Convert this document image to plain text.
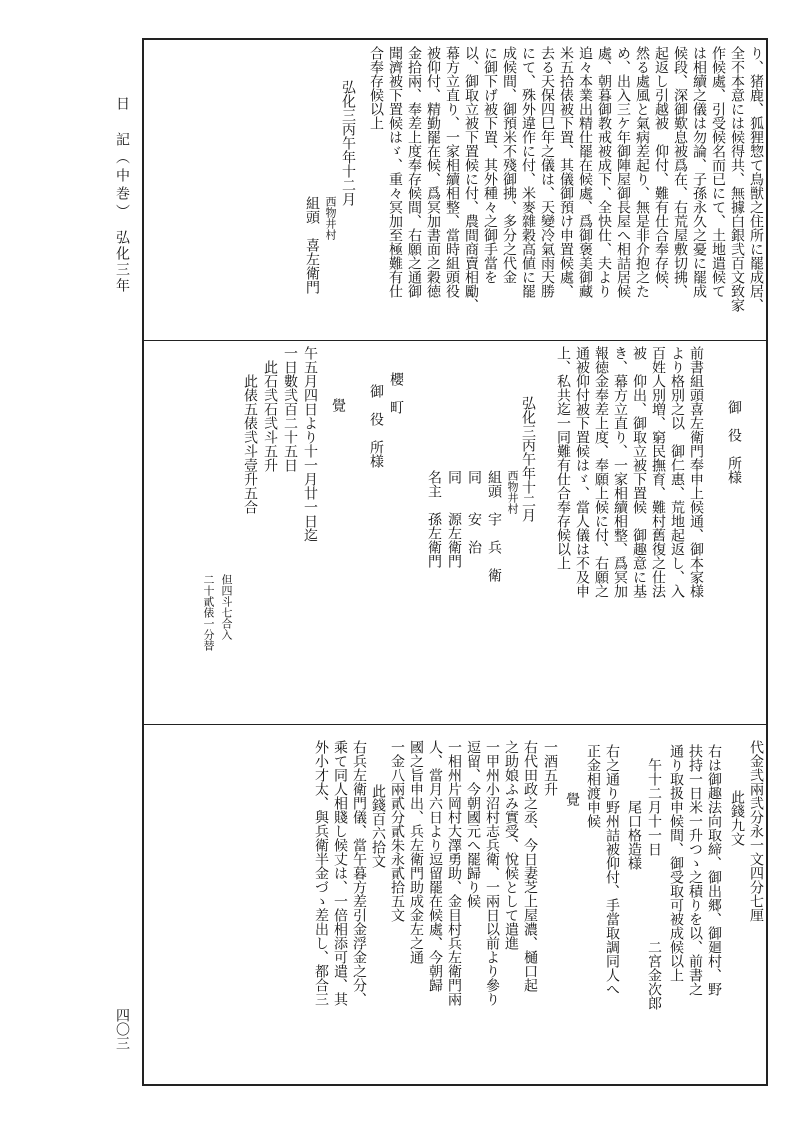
日　記（中巻）
弘化三年
四〇三
り、猪鹿、狐狸惣て鳥獣之住所に罷成居、
全不本意には候得共、無據白銀弐百文致家
作候處、引受候名而已にて、土地遣候て
は相續之儀は勿論、子孫永久之憂に罷成
候段、深御歎息被爲在、右荒屋敷切拂、
起返し引越被　仰付、難有仕合奉存候、
然る處風と氣病差起り、無是非介抱之た
め、出入三ケ年御陣屋御長屋へ相詰居候
處、朝暮御教戒被成下、全快仕、夫より
追々本業出精仕罷在候處、爲御褒美御藏
米五拾俵被下置、其儀御預け申置候處、
去る天保四巳年之儀は、天變冷氣雨天勝
にて、殊外違作に付、米麥雜穀高値に罷
成候間、御預米不殘御拂、多分之代金
に御下げ被下置、其外種々之御手當を
以、御取立被下置候に付、農間商賣相勵、
幕方立直り、一家相續相整、當時組頭役
被仰付、精勤罷在候、爲冥加書面之穀徳
金拾兩、奉差上度奉存候間、右願之通御
聞濟被下置候はゞ、重々冥加至極難有仕
合奉存候以上
弘化三丙午年十二月
西物井村
組頭　喜左衛門
御　役　所様
前書組頭喜左衛門奉申上候通、御本家様
より格別之以　御仁惠、荒地起返し、入
百姓人別増、窮民撫育、難村舊復之仕法
被　仰出、御取立被下置候　御趣意に基
き、幕方立直り、一家相續相整、爲冥加
報徳金奉差上度、奉願上候に付、右願之
通被仰付被下置候はゞ、當人儀は不及申
上、私共迄一同難有仕合奉存候以上
弘化三丙午年十二月
西物井村
組頭　宇　兵　衛
同　　安　治
同　　源左衛門
名主　孫左衛門
櫻　町
御　役　所様
覺
午五月四日より十一月廿一日迄
一日數弐百二十五日
此石弐石弐斗五升
此俵五俵弐斗壹升五合
但四斗七合入
二十貳俵一分替
代金弐兩弐分永一文四分七厘
此錢九文
右は御趣法向取締、御出郷、御廻村、野
扶持一日米一升つゝ之積りを以、前書之
通り取扱申候間、御受取可被成候以上
午十二月十一日
二宮金次郎
尾口格造様
右之通り野州詰被仰付、手當取調同人へ
正金相渡申候
覺
一酒五升
右代田政之丞、今日妻芝上屋濃、樋口起
之助娘ふみ實受、悅候として遣進
一甲州小沼村志兵衛、一兩日以前より參り
逗留、今朝國元へ罷歸り候
一相州片岡村大澤勇助、金目村兵左衛門兩
人、當月六日より逗留罷在候處、今朝歸
國之旨申出、兵左衛門助成金左之通
一金八兩貳分貳朱永貳拾五文
此錢百六拾文
右兵左衛門儀、當午暮方差引金浮金之分、
乘て同人相賤し候丈は、一倍相添可遣、其
外小才太、與兵衛半金づゝ差出し、都合三
